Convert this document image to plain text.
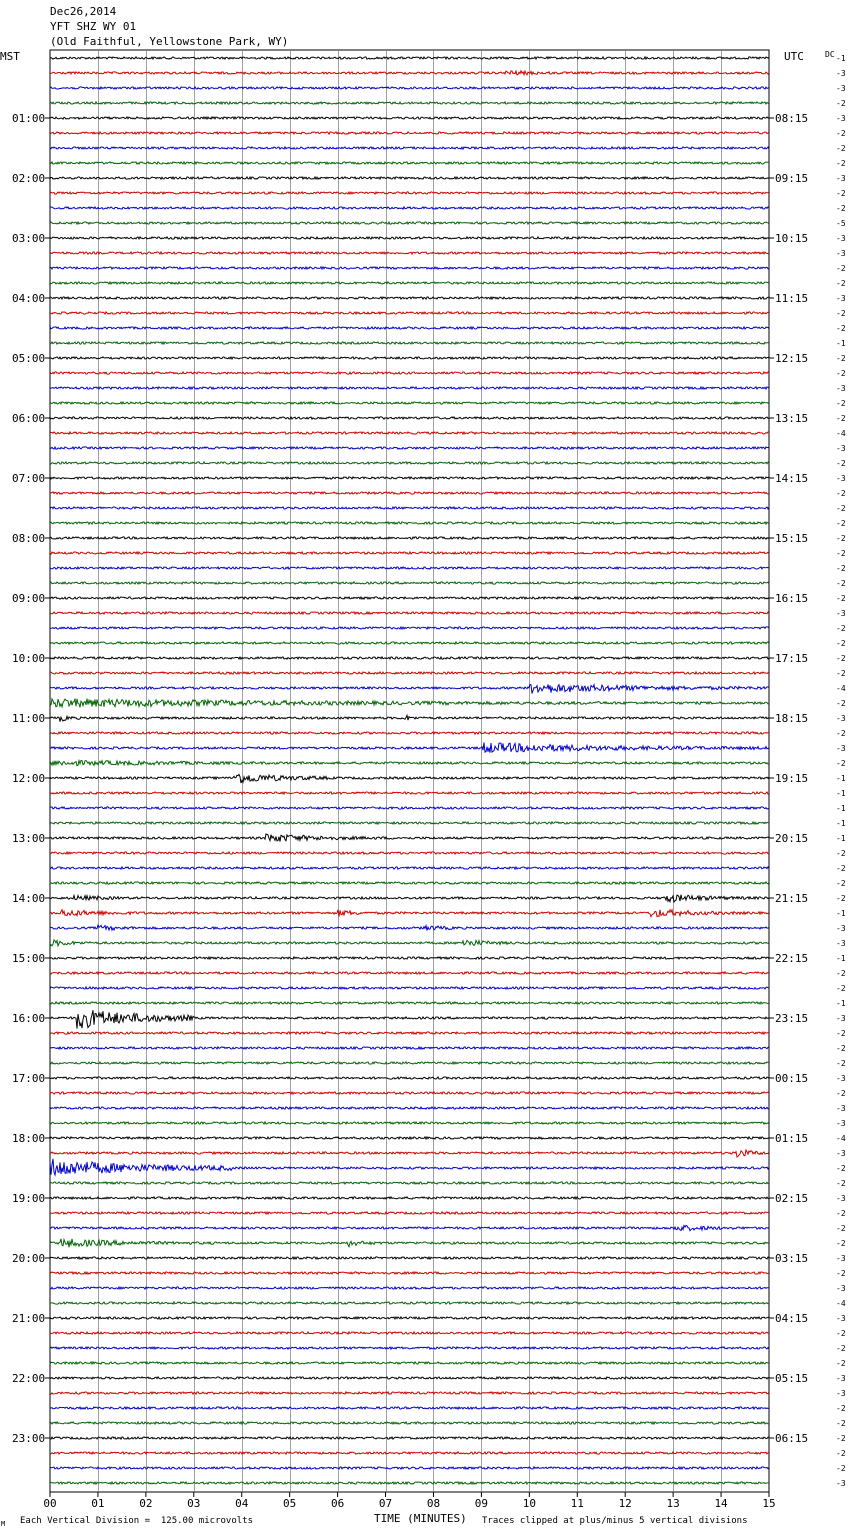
Dec26,2014
YFT SHZ WY 01
(Old Faithful, Yellowstone Park, WY)
MST	UTC	DC -1
-3
-3
-2
-3
-2
-2
-2
-3
-2
-2
-5
-3
-3
-2
-2
-3
-2
-2
-1
-2
-2
-3
-2
-2
-4
-3
-2
-3
-2
-2
-2
-2
-2
-2
-2
-2
-3
-2
-2
-2
-2
-4
-2
-3
-2
-3
-2
-1
-1
-1
-1
-1
-2
-2
-2
-2
-1
-3
-3
-1
-2
-2
-1
-3
-2
-2
-2
-3
-2
-3
-3
-4
-3
-2
-2
-3
-2
-2
-2
-3
-2
-3
-4
-3
-2
-2
-2
-3
-3
-2
-2
-2
-2
-2
-3
01:00
02:00
03:00
04:00
05:00
06:00
07:00
08:00
09:00
10:00
11:00
12:00
13:00
14:00
15:00
16:00
17:00
18:00
19:00
20:00
21:00
22:00
23:00
08:15
09:15
10:15
11:15
12:15
13:15
14:15
15:15
16:15
17:15
18:15
19:15
20:15
21:15
22:15
23:15
00:15
01:15
02:15
03:15
04:15
05:15
06:15
00	01	02	03	04	05	06	07	08	09	10	11	12	13	14	15
M Each Vertical Division =  125.00 microvolts	TIME (MINUTES) Traces clipped at plus/minus 5 vertical divisions
